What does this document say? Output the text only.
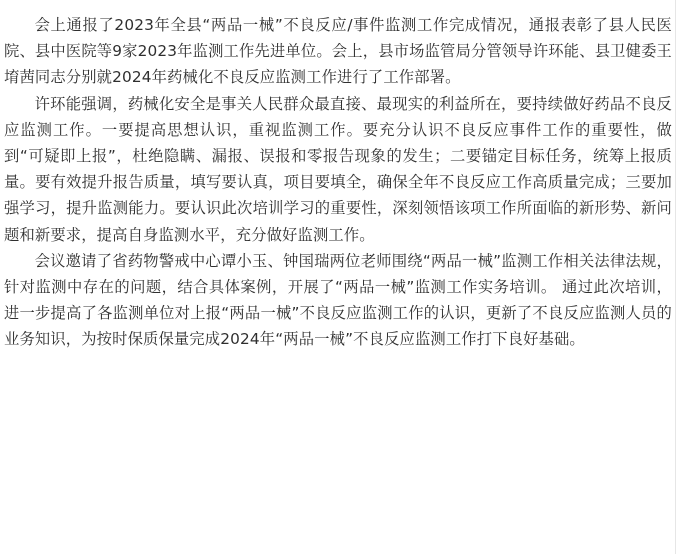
会上通报了2023年全县“两品一械”不良反应/事件监测工作完成情况，通报表彰了县人民医院、县中医院等9家2023年监测工作先进单位。会上，县市场监管局分管领导许环能、县卫健委王堉茜同志分别就2024年药械化不良反应监测工作进行了工作部署。

许环能强调，药械化安全是事关人民群众最直接、最现实的利益所在，要持续做好药品不良反应监测工作。一要提高思想认识，重视监测工作。要充分认识不良反应事件工作的重要性，做到“可疑即上报”，杜绝隐瞒、漏报、误报和零报告现象的发生；二要锚定目标任务，统筹上报质量。要有效提升报告质量，填写要认真，项目要填全，确保全年不良反应工作高质量完成；三要加强学习，提升监测能力。要认识此次培训学习的重要性，深刻领悟该项工作所面临的新形势、新问题和新要求，提高自身监测水平，充分做好监测工作。

会议邀请了省药物警戒中心谭小玉、钟国瑞两位老师围绕“两品一械”监测工作相关法律法规，针对监测中存在的问题，结合具体案例，开展了“两品一械”监测工作实务培训。 通过此次培训，进一步提高了各监测单位对上报“两品一械”不良反应监测工作的认识，更新了不良反应监测人员的业务知识，为按时保质保量完成2024年“两品一械”不良反应监测工作打下良好基础。
